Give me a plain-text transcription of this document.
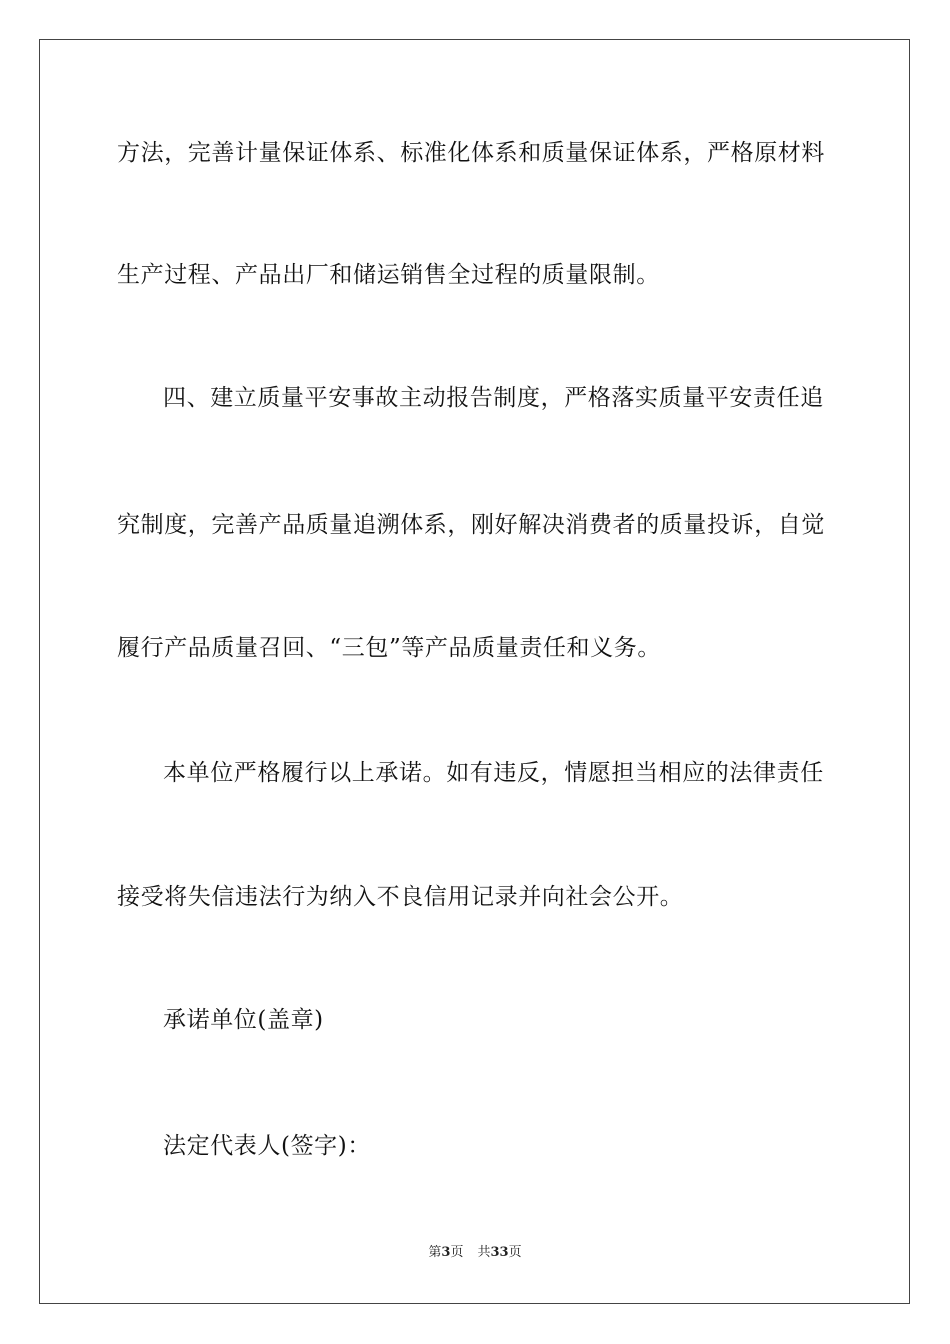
方法，完善计量保证体系、标准化体系和质量保证体系，严格原材料
生产过程、产品出厂和储运销售全过程的质量限制。
四、建立质量平安事故主动报告制度，严格落实质量平安责任追
究制度，完善产品质量追溯体系，刚好解决消费者的质量投诉，自觉
履行产品质量召回、“三包”等产品质量责任和义务。
本单位严格履行以上承诺。如有违反，情愿担当相应的法律责任
接受将失信违法行为纳入不良信用记录并向社会公开。
承诺单位(盖章)
法定代表人(签字)：
第3页 共33页
